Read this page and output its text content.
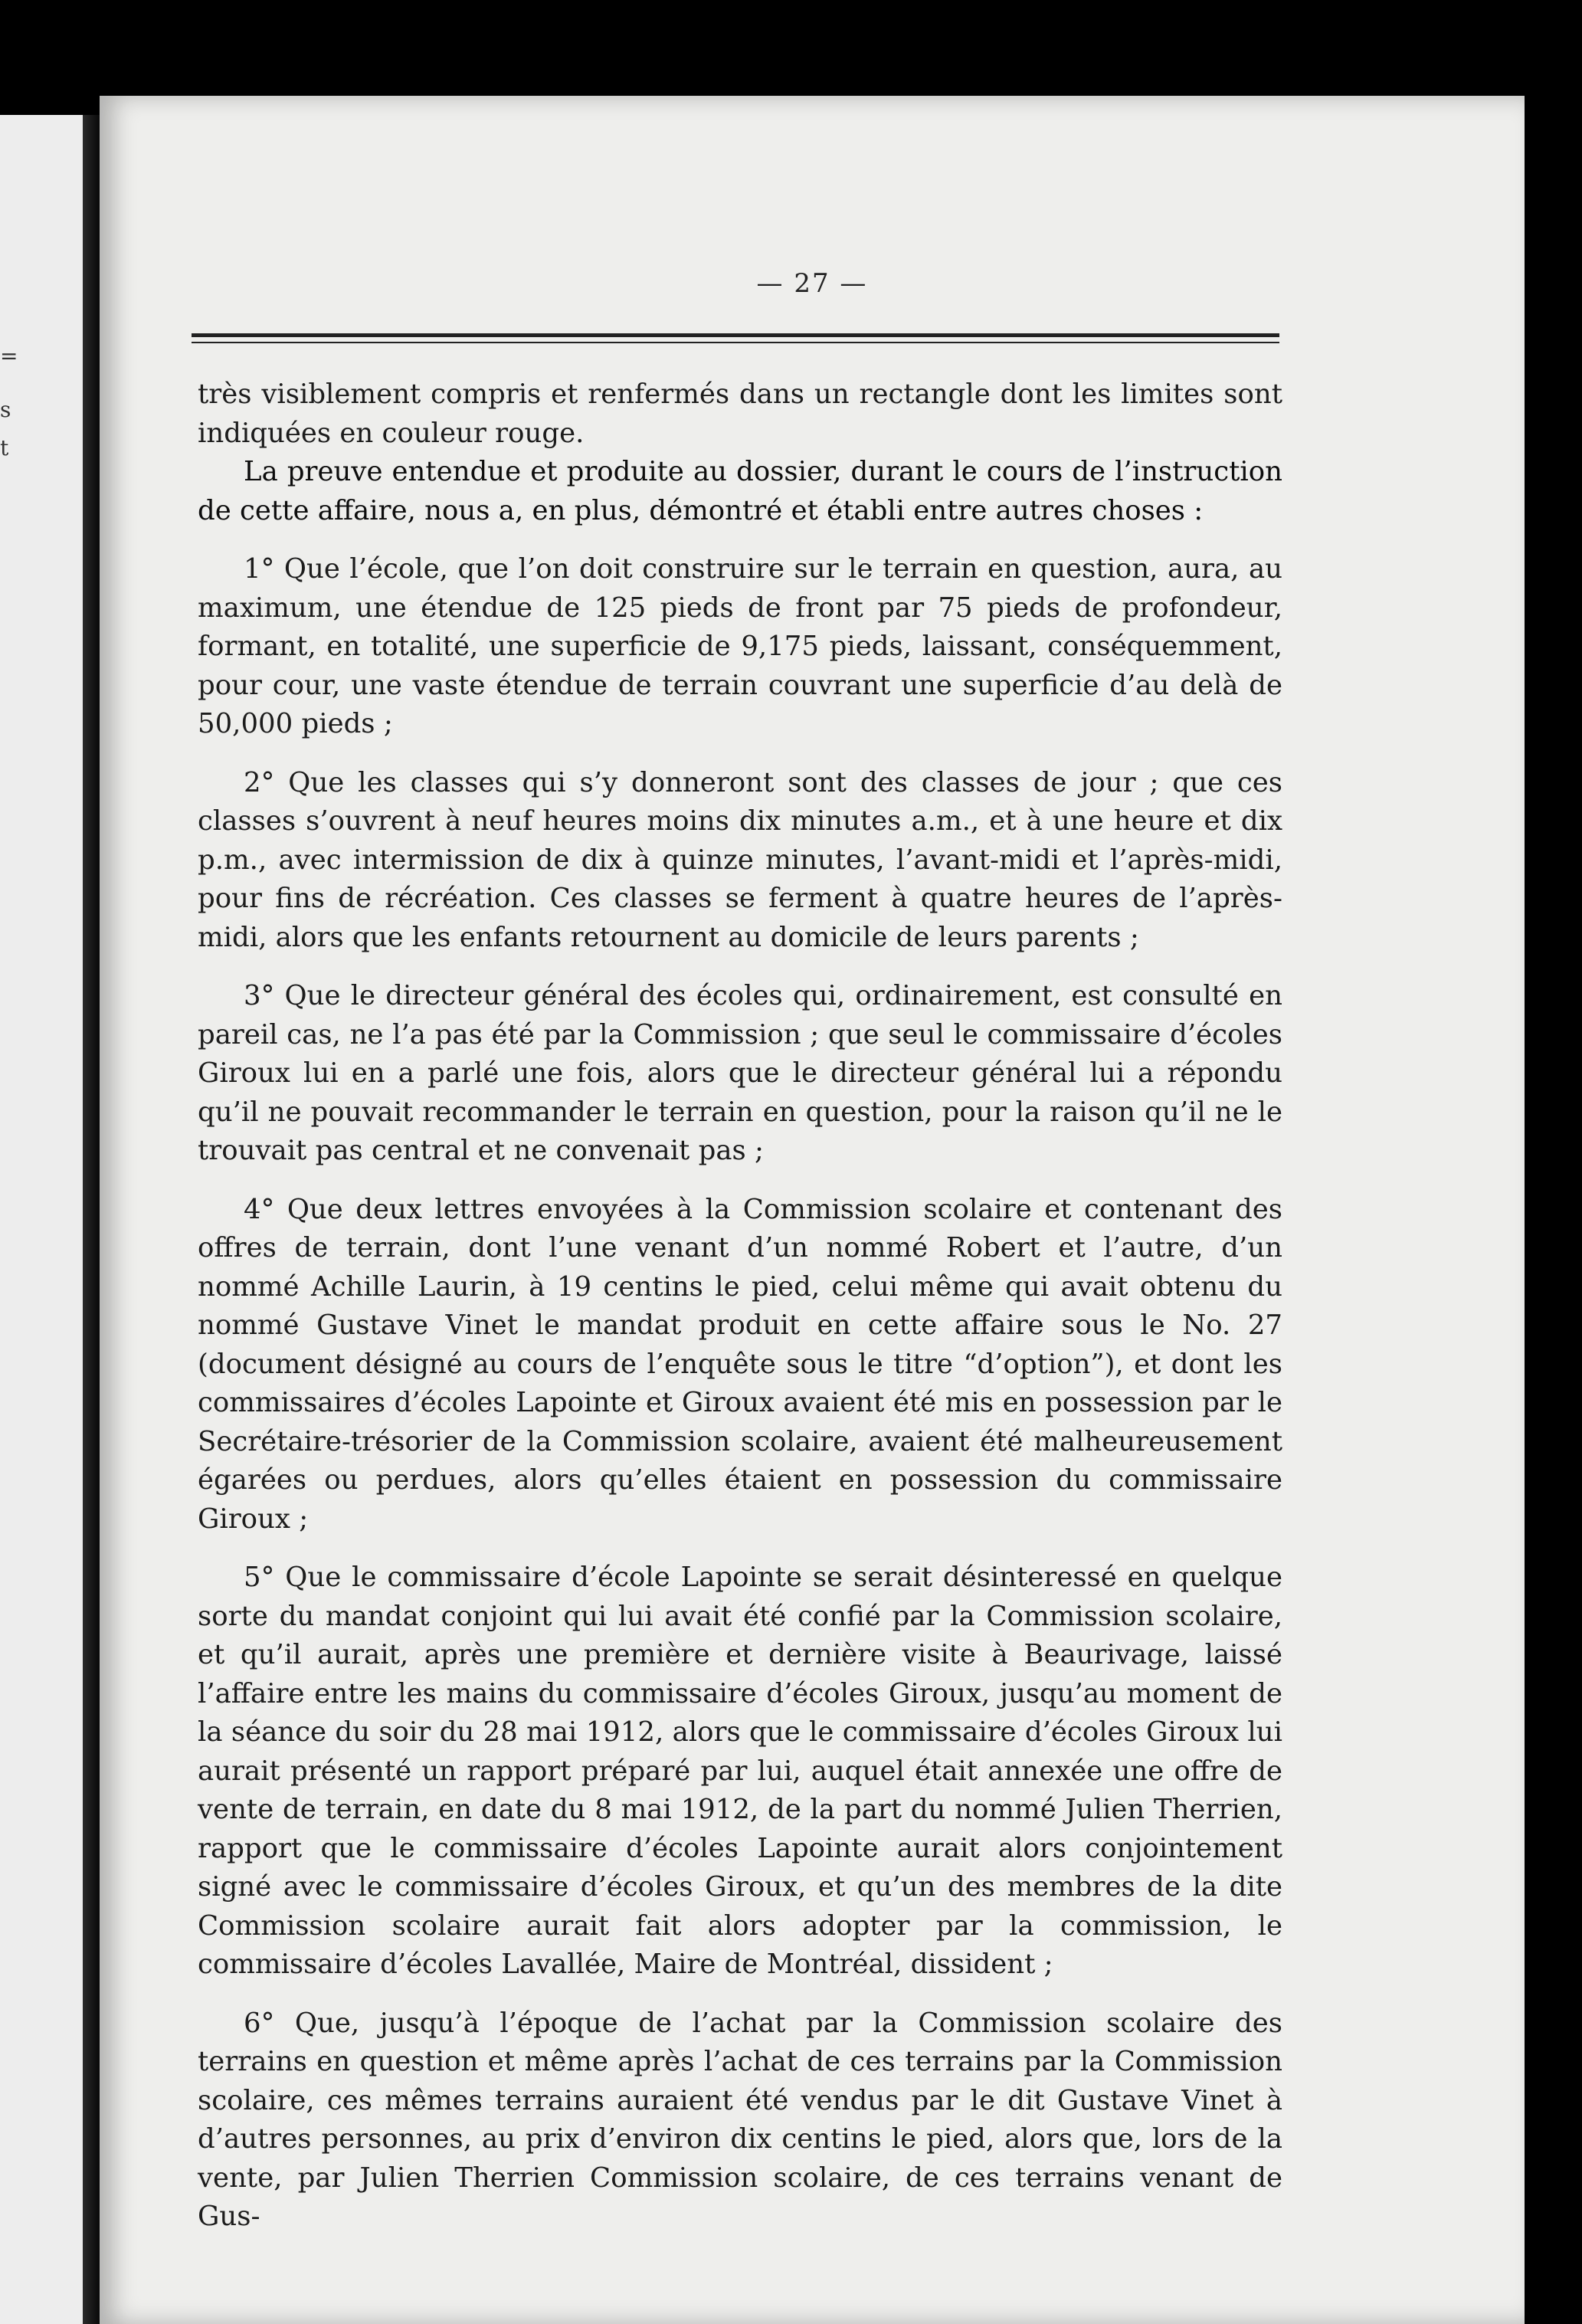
=
s
t
— 27 —

très visiblement compris et renfermés dans un rectangle dont les limites sont indiquées en couleur rouge.

La preuve entendue et produite au dossier, durant le cours de l’instruction de cette affaire, nous a, en plus, démontré et établi entre autres choses :

1° Que l’école, que l’on doit construire sur le terrain en question, aura, au maximum, une étendue de 125 pieds de front par 75 pieds de profondeur, formant, en totalité, une superficie de 9,175 pieds, laissant, conséquemment, pour cour, une vaste étendue de terrain couvrant une superficie d’au delà de 50,000 pieds ;

2° Que les classes qui s’y donneront sont des classes de jour ; que ces classes s’ouvrent à neuf heures moins dix minutes a.m., et à une heure et dix p.m., avec intermission de dix à quinze minutes, l’avant-midi et l’après-midi, pour fins de récréation. Ces classes se ferment à quatre heures de l’après-midi, alors que les enfants retournent au domicile de leurs parents ;

3° Que le directeur général des écoles qui, ordinairement, est consulté en pareil cas, ne l’a pas été par la Commission ; que seul le commissaire d’écoles Giroux lui en a parlé une fois, alors que le directeur général lui a répondu qu’il ne pouvait recommander le terrain en question, pour la raison qu’il ne le trouvait pas central et ne convenait pas ;

4° Que deux lettres envoyées à la Commission scolaire et contenant des offres de terrain, dont l’une venant d’un nommé Robert et l’autre, d’un nommé Achille Laurin, à 19 centins le pied, celui même qui avait obtenu du nommé Gustave Vinet le mandat produit en cette affaire sous le No. 27 (document désigné au cours de l’enquête sous le titre “d’option”), et dont les commissaires d’écoles Lapointe et Giroux avaient été mis en possession par le Secrétaire-trésorier de la Commission scolaire, avaient été malheureusement égarées ou perdues, alors qu’elles étaient en possession du commissaire Giroux ;

5° Que le commissaire d’école Lapointe se serait désinteressé en quelque sorte du mandat conjoint qui lui avait été confié par la Commission scolaire, et qu’il aurait, après une première et dernière visite à Beaurivage, laissé l’affaire entre les mains du commissaire d’écoles Giroux, jusqu’au moment de la séance du soir du 28 mai 1912, alors que le commissaire d’écoles Giroux lui aurait présenté un rapport préparé par lui, auquel était annexée une offre de vente de terrain, en date du 8 mai 1912, de la part du nommé Julien Therrien, rapport que le commissaire d’écoles Lapointe aurait alors conjointement signé avec le commissaire d’écoles Giroux, et qu’un des membres de la dite Commission scolaire aurait fait alors adopter par la commission, le commissaire d’écoles Lavallée, Maire de Montréal, dissident ;

6° Que, jusqu’à l’époque de l’achat par la Commission scolaire des terrains en question et même après l’achat de ces terrains par la Commission scolaire, ces mêmes terrains auraient été vendus par le dit Gustave Vinet à d’autres personnes, au prix d’environ dix centins le pied, alors que, lors de la vente, par Julien Therrien Commission scolaire, de ces terrains venant de Gus-
